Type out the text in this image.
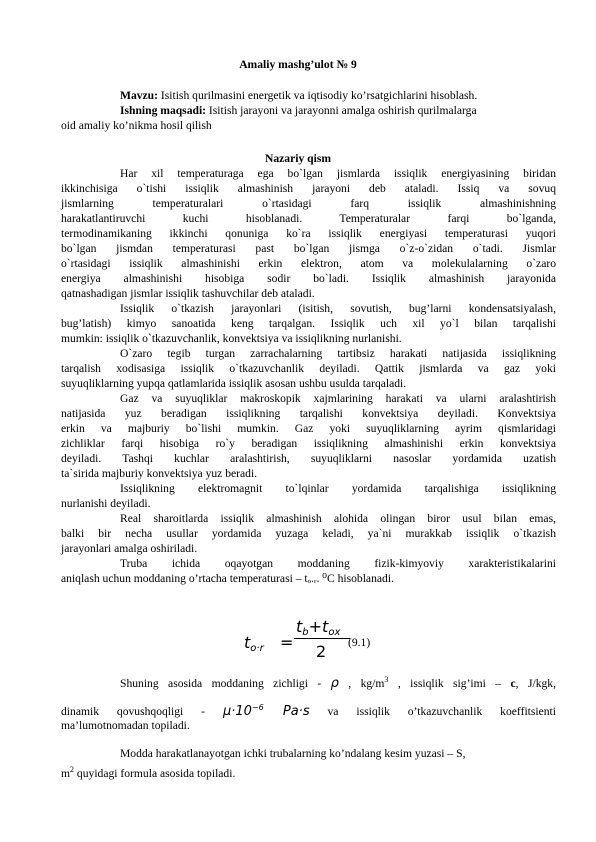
Amaliy mashg’ulot № 9
Mavzu: Isitish qurilmasini energetik va iqtisodiy ko’rsatgichlarini hisoblash.
Ishning maqsadi: Isitish jarayoni va jarayonni amalga oshirish qurilmalarga
oid amaliy ko’nikma hosil qilish
Nazariy qism
Har xil temperaturaga ega bo`lgan jismlarda issiqlik energiyasining biridan
ikkinchisiga o`tishi issiqlik almashinish jarayoni deb ataladi. Issiq va sovuq
jismlarning temperaturalari o`rtasidagi farq issiqlik almashinishning
harakatlantiruvchi kuchi hisoblanadi. Temperaturalar farqi bo`lganda,
termodinamikaning ikkinchi qonuniga ko`ra issiqlik energiyasi temperaturasi yuqori
bo`lgan jismdan temperaturasi past bo`lgan jismga o`z-o`zidan o`tadi. Jismlar
o`rtasidagi issiqlik almashinishi erkin elektron, atom va molekulalarning o`zaro
energiya almashinishi hisobiga sodir bo`ladi. Issiqlik almashinish jarayonida
qatnashadigan jismlar issiqlik tashuvchilar deb ataladi.
Issiqlik o`tkazish jarayonlari (isitish, sovutish, bug’larni kondensatsiyalash,
bug’latish) kimyo sanoatida keng tarqalgan. Issiqlik uch xil yo`l bilan tarqalishi
mumkin: issiqlik o`tkazuvchanlik, konvektsiya va issiqlikning nurlanishi.
O`zaro tegib turgan zarrachalarning tartibsiz harakati natijasida issiqlikning
tarqalish xodisasiga issiqlik o`tkazuvchanlik deyiladi. Qattik jismlarda va gaz yoki
suyuqliklarning yupqa qatlamlarida issiqlik asosan ushbu usulda tarqaladi.
Gaz va suyuqliklar makroskopik xajmlarining harakati va ularni aralashtirish
natijasida yuz beradigan issiqlikning tarqalishi konvektsiya deyiladi. Konvektsiya
erkin va majburiy bo`lishi mumkin. Gaz yoki suyuqliklarning ayrim qismlaridagi
zichliklar farqi hisobiga ro`y beradigan issiqlikning almashinishi erkin konvektsiya
deyiladi. Tashqi kuchlar aralashtirish, suyuqliklarni nasoslar yordamida uzatish
ta`sirida majburiy konvektsiya yuz beradi.
Issiqlikning elektromagnit to`lqinlar yordamida tarqalishiga issiqlikning
nurlanishi deyiladi.
Real sharoitlarda issiqlik almashinish alohida olingan biror usul bilan emas,
balki bir necha usullar yordamida yuzaga keladi, ya`ni murakkab issiqlik o`tkazish
jarayonlari amalga oshiriladi.
Truba ichida oqayotgan moddaning fizik-kimyoviy xarakteristikalarini
aniqlash uchun moddaning o’rtacha temperaturasi – tₒ.ᵣ. ⁰C hisoblanadi.
to·r =
tb+tox
2 (9.1)
Shuning asosida moddaning zichligi - ρ , $kg/m^3$ , issiqlik sig’imi – c, J/kgk,
dinamik qovushqoqligi - $\mu\cdot 10^{-6}$ Pa·s va issiqlik o’tkazuvchanlik koeffitsienti
ma’lumotnomadan topiladi.
Modda harakatlanayotgan ichki trubalarning ko’ndalang kesim yuzasi – S,
$m^2$ quyidagi formula asosida topiladi.
